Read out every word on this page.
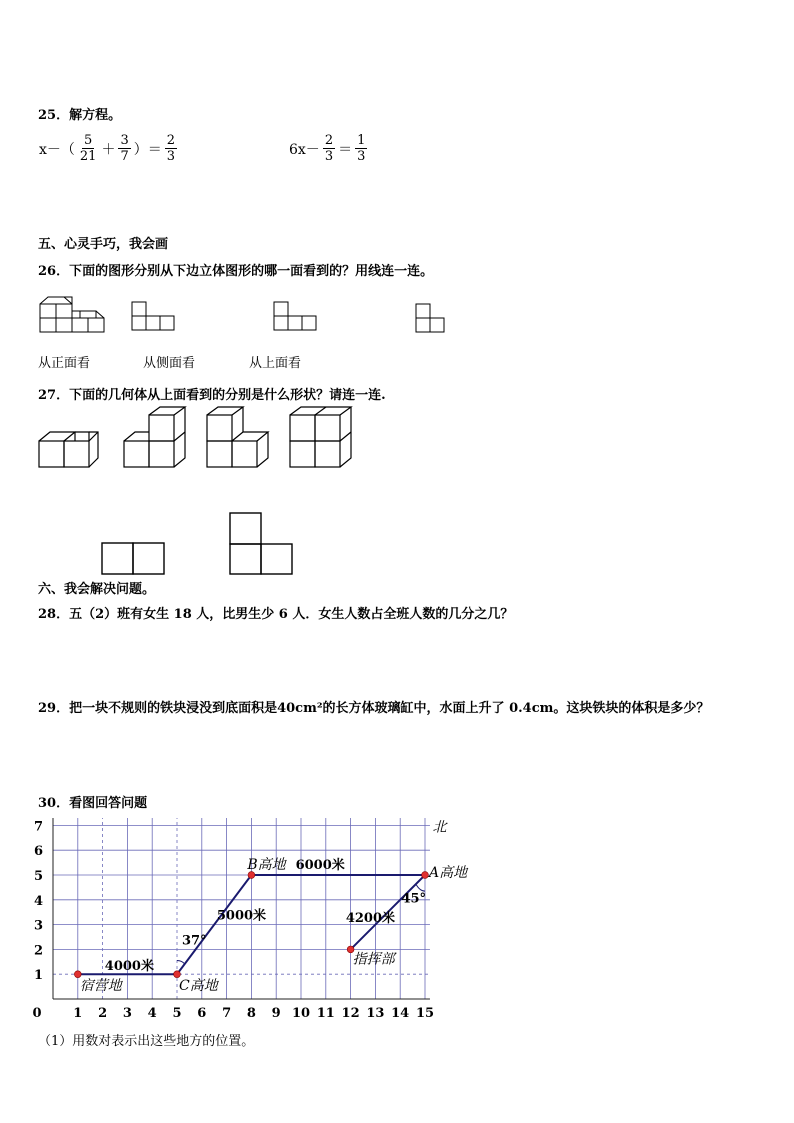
25．解方程。
$x-( \frac{5}{21} + \frac{3}{7}$ ）＝ $\frac{2}{3}$	$6x- \frac{2}{3} = \frac{1}{3}$
五、心灵手巧，我会画
26．下面的图形分别从下边立体图形的哪一面看到的？用线连一连。
从正面看	从侧面看	从上面看
27．下面的几何体从上面看到的分别是什么形状？请连一连.
六、我会解决问题。
28．五（2）班有女生 18 人，比男生少 6 人．女生人数占全班人数的几分之几？
29．把一块不规则的铁块浸没到底面积是40cm²的长方体玻璃缸中，水面上升了 0.4cm。这块铁块的体积是多少？
30．看图回答问题
1 2 3 4 5 6 7 8 9 10 11 12 13 14 15
1
2
3
4
5
6
7
0
北
宿营地	C高地
B高地	A高地
指挥部
4000米
5000米
6000米
4200米
37°
45°
（1）用数对表示出这些地方的位置。
